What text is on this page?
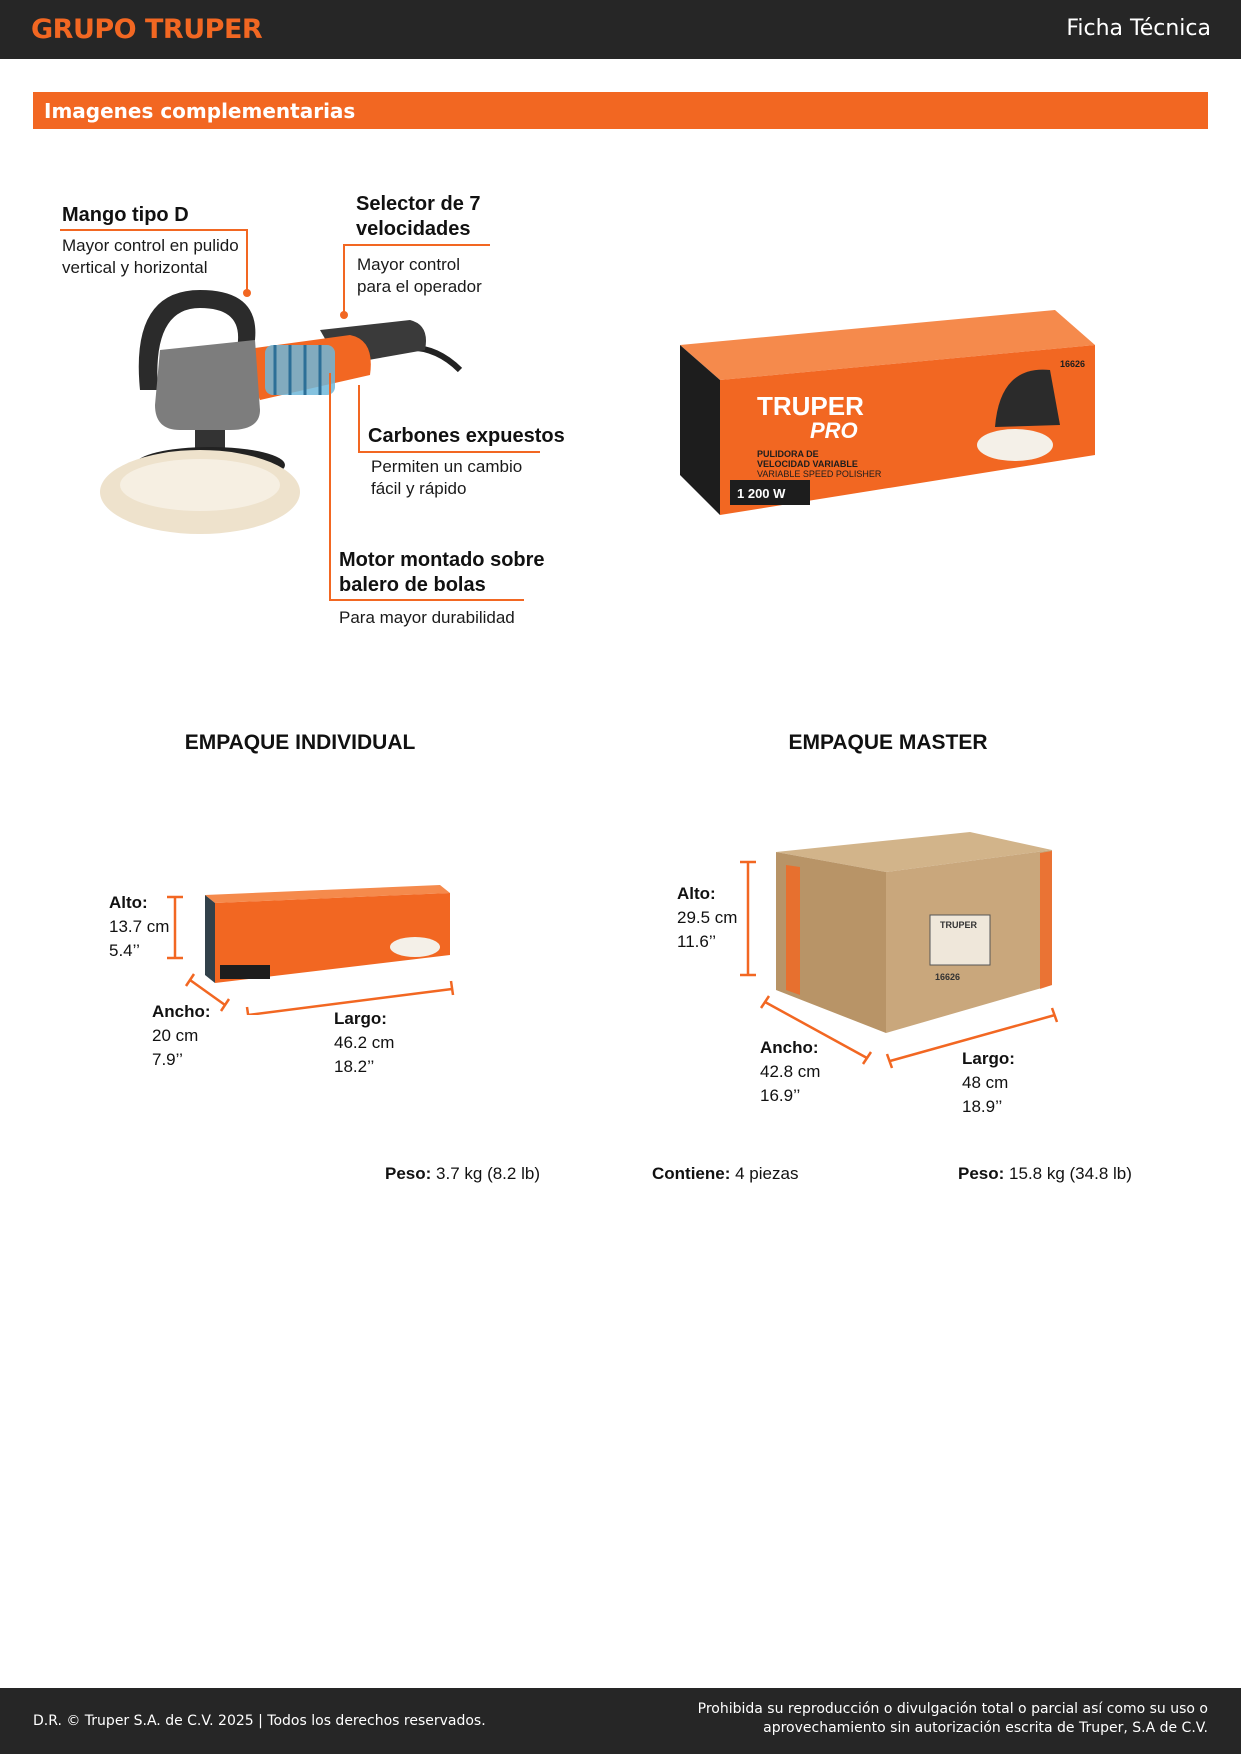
GRUPO TRUPER	Ficha Técnica
Imagenes complementarias
Mango tipo D
Mayor control en pulido
vertical y horizontal
Selector de 7
velocidades
Mayor control
para el operador
Carbones expuestos
Permiten un cambio
fácil y rápido
Motor montado sobre
balero de bolas
Para mayor durabilidad
1 200 W
TRUPER
PRO
PULIDORA DE
VELOCIDAD VARIABLE
VARIABLE SPEED POLISHER
16626
EMPAQUE INDIVIDUAL	EMPAQUE MASTER
Alto:
13.7 cm
5.4’’
Ancho:
20 cm
7.9’’
Largo:
46.2 cm
18.2’’
TRUPER
16626
Alto:
29.5 cm
11.6’’
Ancho:
42.8 cm
16.9’’
Largo:
48 cm
18.9’’
Peso: 3.7 kg (8.2 lb)	Contiene: 4 piezas	Peso: 15.8 kg (34.8 lb)
D.R. © Truper S.A. de C.V. 2025 | Todos los derechos reservados.
Prohibida su reproducción o divulgación total o parcial así como su uso o
aprovechamiento sin autorización escrita de Truper, S.A de C.V.
